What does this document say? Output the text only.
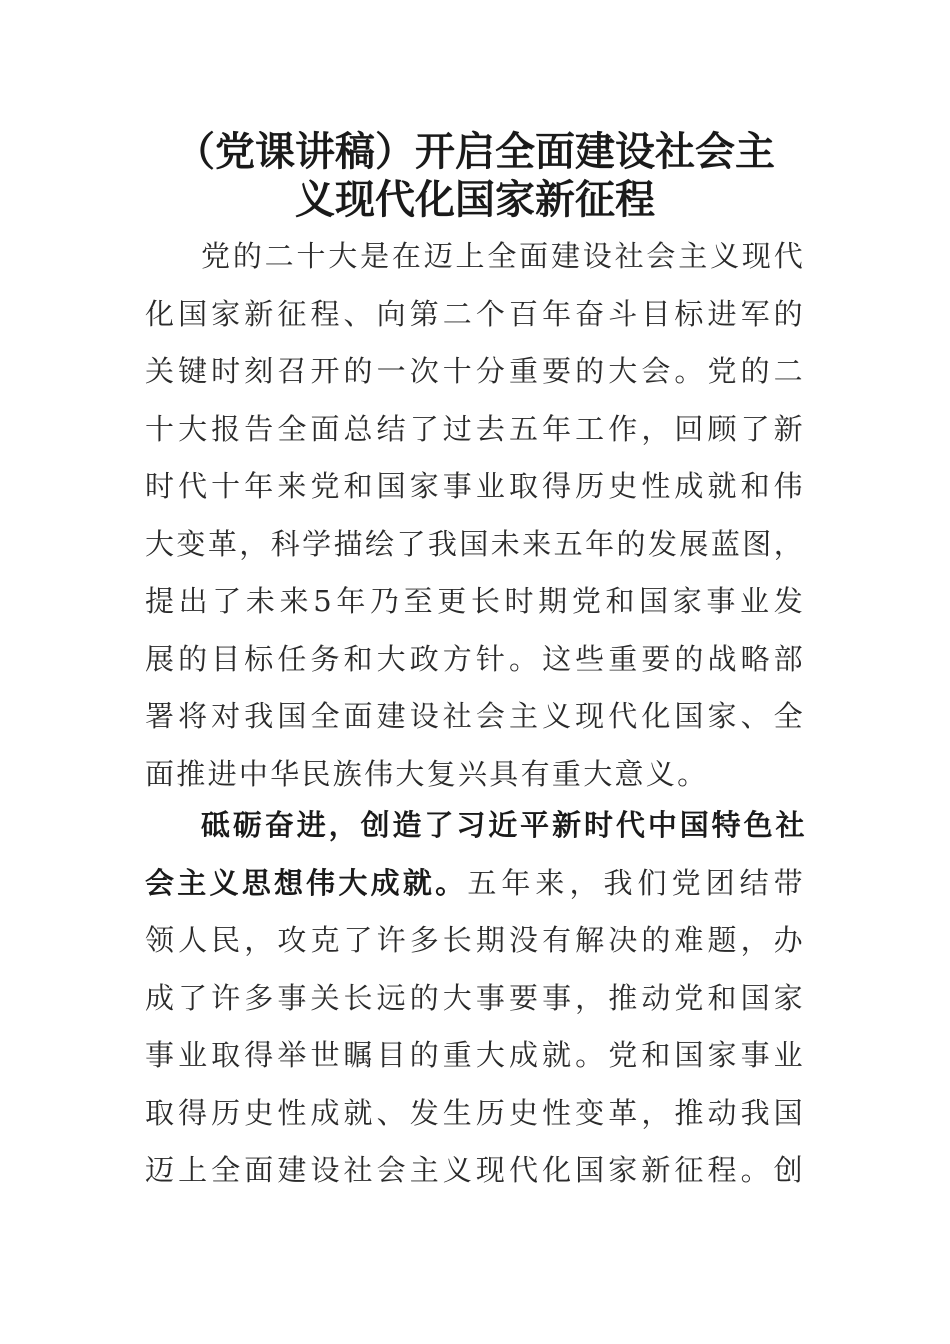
（党课讲稿）开启全面建设社会主
义现代化国家新征程
党的二十大是在迈上全面建设社会主义现代
化国家新征程、向第二个百年奋斗目标进军的
关键时刻召开的一次十分重要的大会。党的二
十大报告全面总结了过去五年工作，回顾了新
时代十年来党和国家事业取得历史性成就和伟
大变革，科学描绘了我国未来五年的发展蓝图，
提出了未来5年乃至更长时期党和国家事业发
展的目标任务和大政方针。这些重要的战略部
署将对我国全面建设社会主义现代化国家、全
面推进中华民族伟大复兴具有重大意义。
砥砺奋进，创造了习近平新时代中国特色社
会主义思想伟大成就。五年来，我们党团结带
领人民，攻克了许多长期没有解决的难题，办
成了许多事关长远的大事要事，推动党和国家
事业取得举世瞩目的重大成就。党和国家事业
取得历史性成就、发生历史性变革，推动我国
迈上全面建设社会主义现代化国家新征程。创
